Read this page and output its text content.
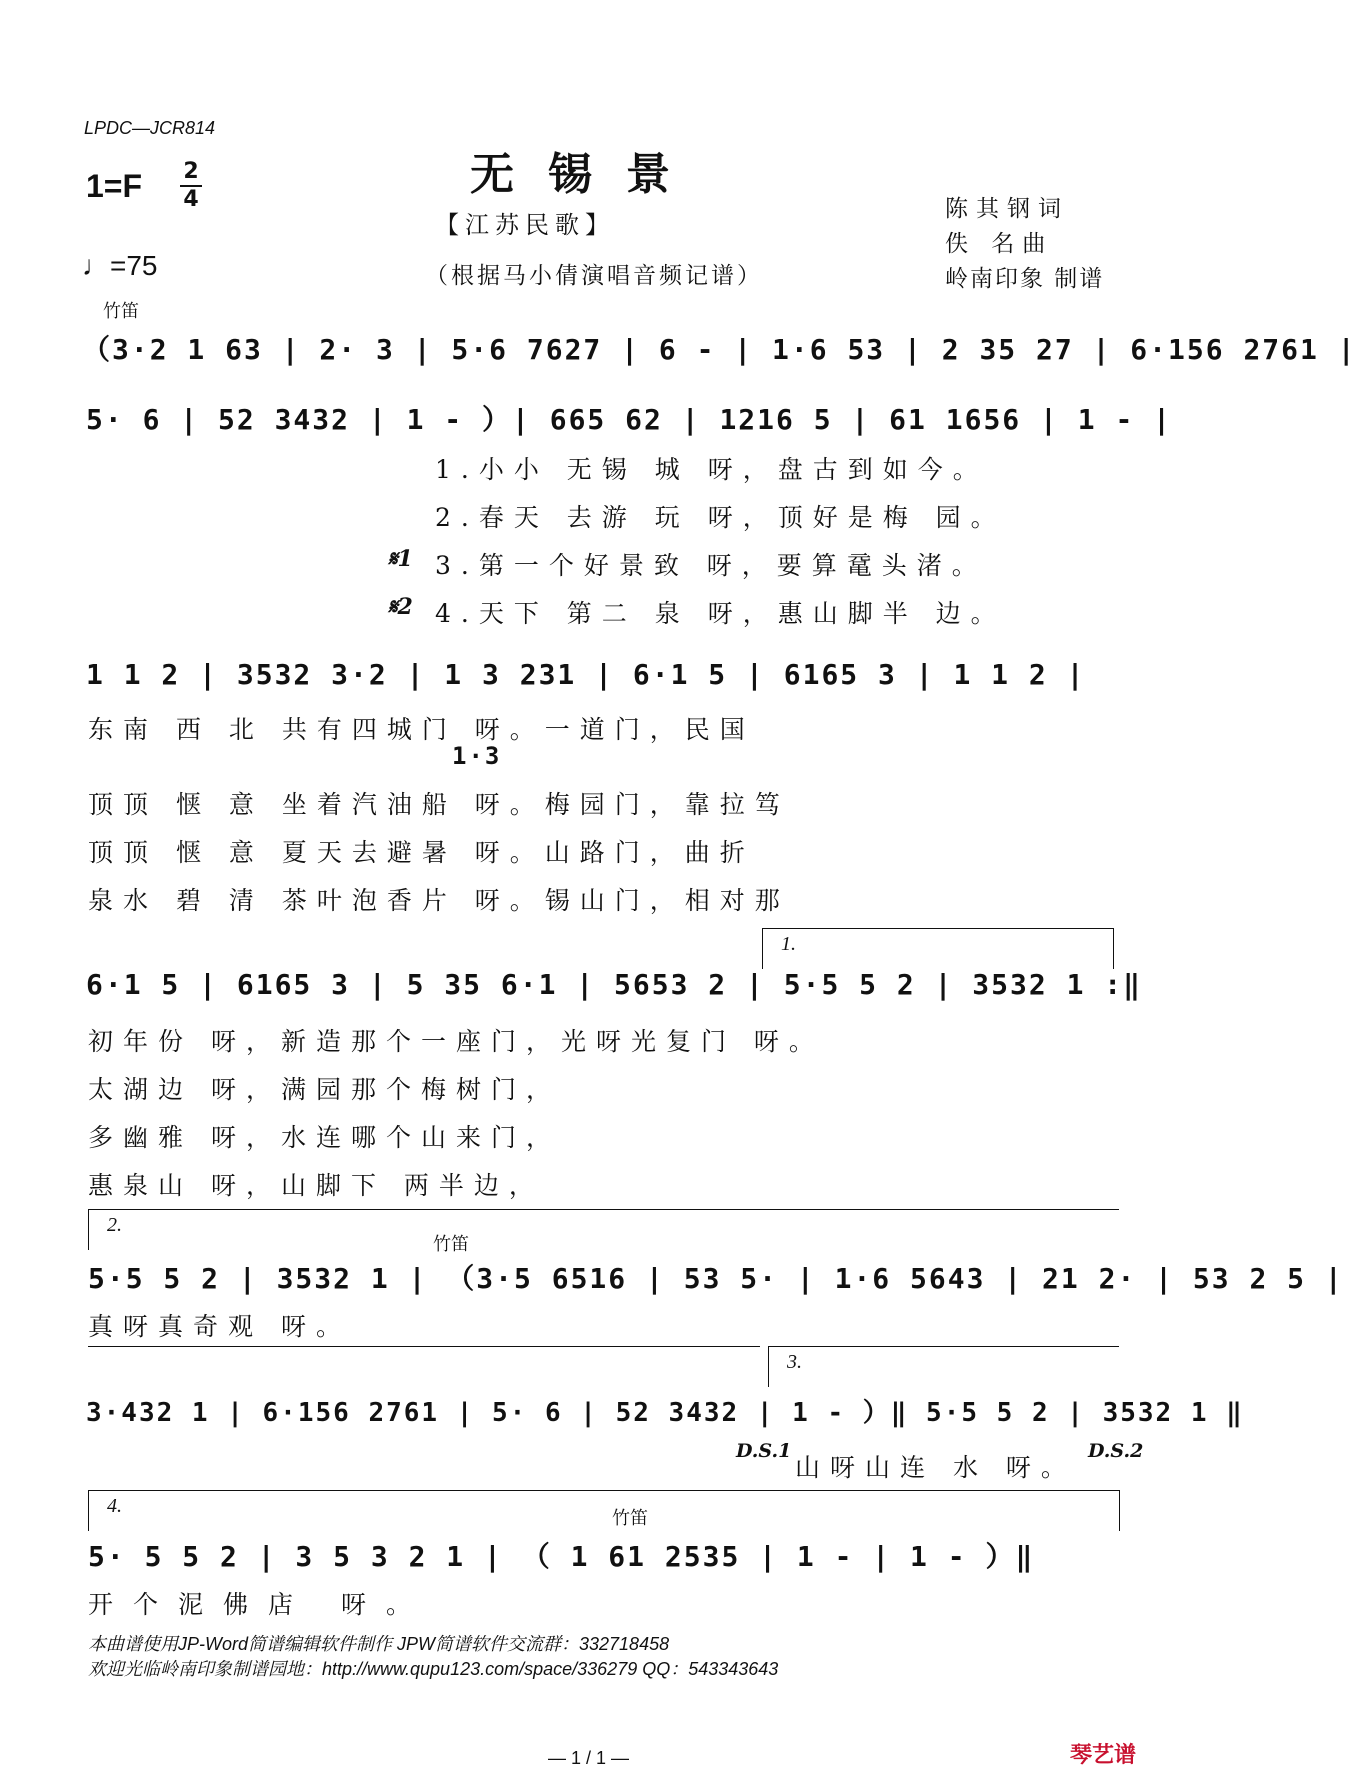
LPDC—JCR814
无锡景
1=F 2
4
【江苏民歌】
♩=75	（根据马小倩演唱音频记谱）
陈其钢词
佚 名曲
岭南印象 制谱
竹笛
（3·2 1 63 | 2· 3 | 5·6 7627 | 6 - | 1·6 53 | 2 35 27 | 6·156 2761 |
5· 6 | 52 3432 | 1 - ）| 665 62 | 1216 5 | 61 1656 | 1 - |
1.小小 无锡 城 呀，盘古到如今。
2.春天 去游 玩 呀，顶好是梅 园。
𝄋1 3.第一个好景致 呀，要算鼋头渚。
𝄋2 4.天下 第二 泉 呀，惠山脚半 边。
1 1 2 | 3532 3·2 | 1 3 231 | 6·1 5 | 6165 3 | 1 1 2 |
东南 西 北 共有四城门 呀。一道门，民国
1·3
顶顶 惬 意 坐着汽油船 呀。梅园门，靠拉笃
顶顶 惬 意 夏天去避暑 呀。山路门，曲折
泉水 碧 清 茶叶泡香片 呀。锡山门，相对那
1.
6·1 5 | 6165 3 | 5 35 6·1 | 5653 2 | 5·5 5 2 | 3532 1 :‖
初年份 呀，新造那个一座门，光呀光复门 呀。
太湖边 呀，满园那个梅树门，
多幽雅 呀，水连哪个山来门，
惠泉山 呀，山脚下 两半边，
2.
竹笛
5·5 5 2 | 3532 1 | （3·5 6516 | 53 5· | 1·6 5643 | 21 2· | 53 2 5 |
真呀真奇观 呀。
3.
3·432 1 | 6·156 2761 | 5· 6 | 52 3432 | 1 - ）‖ 5·5 5 2 | 3532 1 ‖
D.S.1
山呀山连 水 呀。
D.S.2
4.
竹笛
5· 5 5 2 | 3 5 3 2 1 | （ 1 61 2535 | 1 - | 1 - ）‖
开个泥佛店 呀。
本曲谱使用JP-Word简谱编辑软件制作 JPW简谱软件交流群：332718458
欢迎光临岭南印象制谱园地：http://www.qupu123.com/space/336279 QQ：543343643
— 1 / 1 —	琴艺谱
